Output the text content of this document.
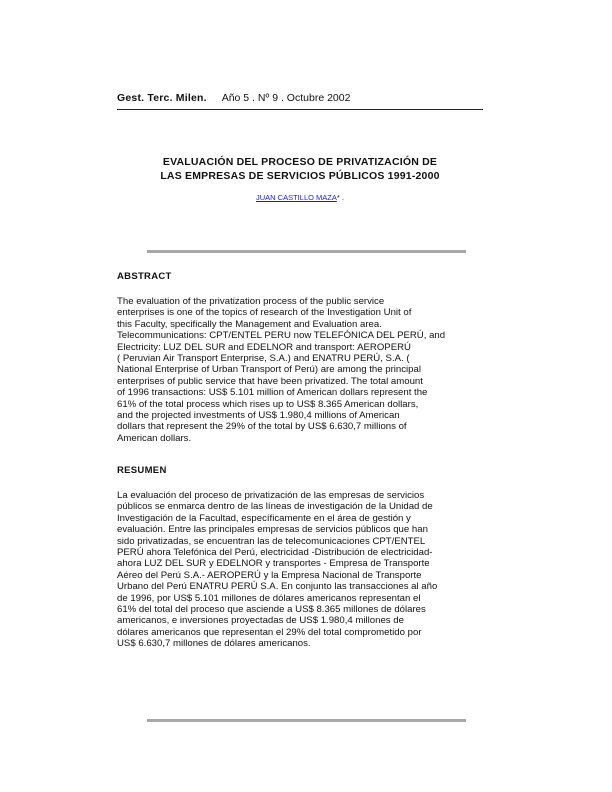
Gest. Terc. Milen. Año 5 . Nº 9 . Octubre 2002
EVALUACIÓN DEL PROCESO DE PRIVATIZACIÓN DE
LAS EMPRESAS DE SERVICIOS PÚBLICOS 1991-2000
JUAN CASTILLO MAZA* .
ABSTRACT
The evaluation of the privatization process of the public service
enterprises is one of the topics of research of the Investigation Unit of
this Faculty, specifically the Management and Evaluation area.
Telecommunications: CPT/ENTEL PERU now TELEFÓNICA DEL PERÚ, and
Electricity: LUZ DEL SUR and EDELNOR and transport: AEROPERÚ
( Peruvian Air Transport Enterprise, S.A.) and ENATRU PERÚ, S.A. (
National Enterprise of Urban Transport of Perú) are among the principal
enterprises of public service that have been privatized. The total amount
of 1996 transactions: US$ 5.101 million of American dollars represent the
61% of the total process which rises up to US$ 8.365 American dollars,
and the projected investments of US$ 1.980,4 millions of American
dollars that represent the 29% of the total by US$ 6.630,7 millions of
American dollars.
RESUMEN
La evaluación del proceso de privatización de las empresas de servicios
públicos se enmarca dentro de las líneas de investigación de la Unidad de
Investigación de la Facultad, específicamente en el área de gestión y
evaluación. Entre las principales empresas de servicios públicos que han
sido privatizadas, se encuentran las de telecomunicaciones CPT/ENTEL
PERÚ ahora Telefónica del Perú, electricidad -Distribución de electricidad-
ahora LUZ DEL SUR y EDELNOR y transportes - Empresa de Transporte
Aéreo del Perú S.A.- AEROPERÚ y la Empresa Nacional de Transporte
Urbano del Perú ENATRU PERÚ S.A. En conjunto las transacciones al año
de 1996, por US$ 5.101 millones de dólares americanos representan el
61% del total del proceso que asciende a US$ 8.365 millones de dólares
americanos, e inversiones proyectadas de US$ 1.980,4 millones de
dólares americanos que representan el 29% del total comprometido por
US$ 6.630,7 millones de dólares americanos.
